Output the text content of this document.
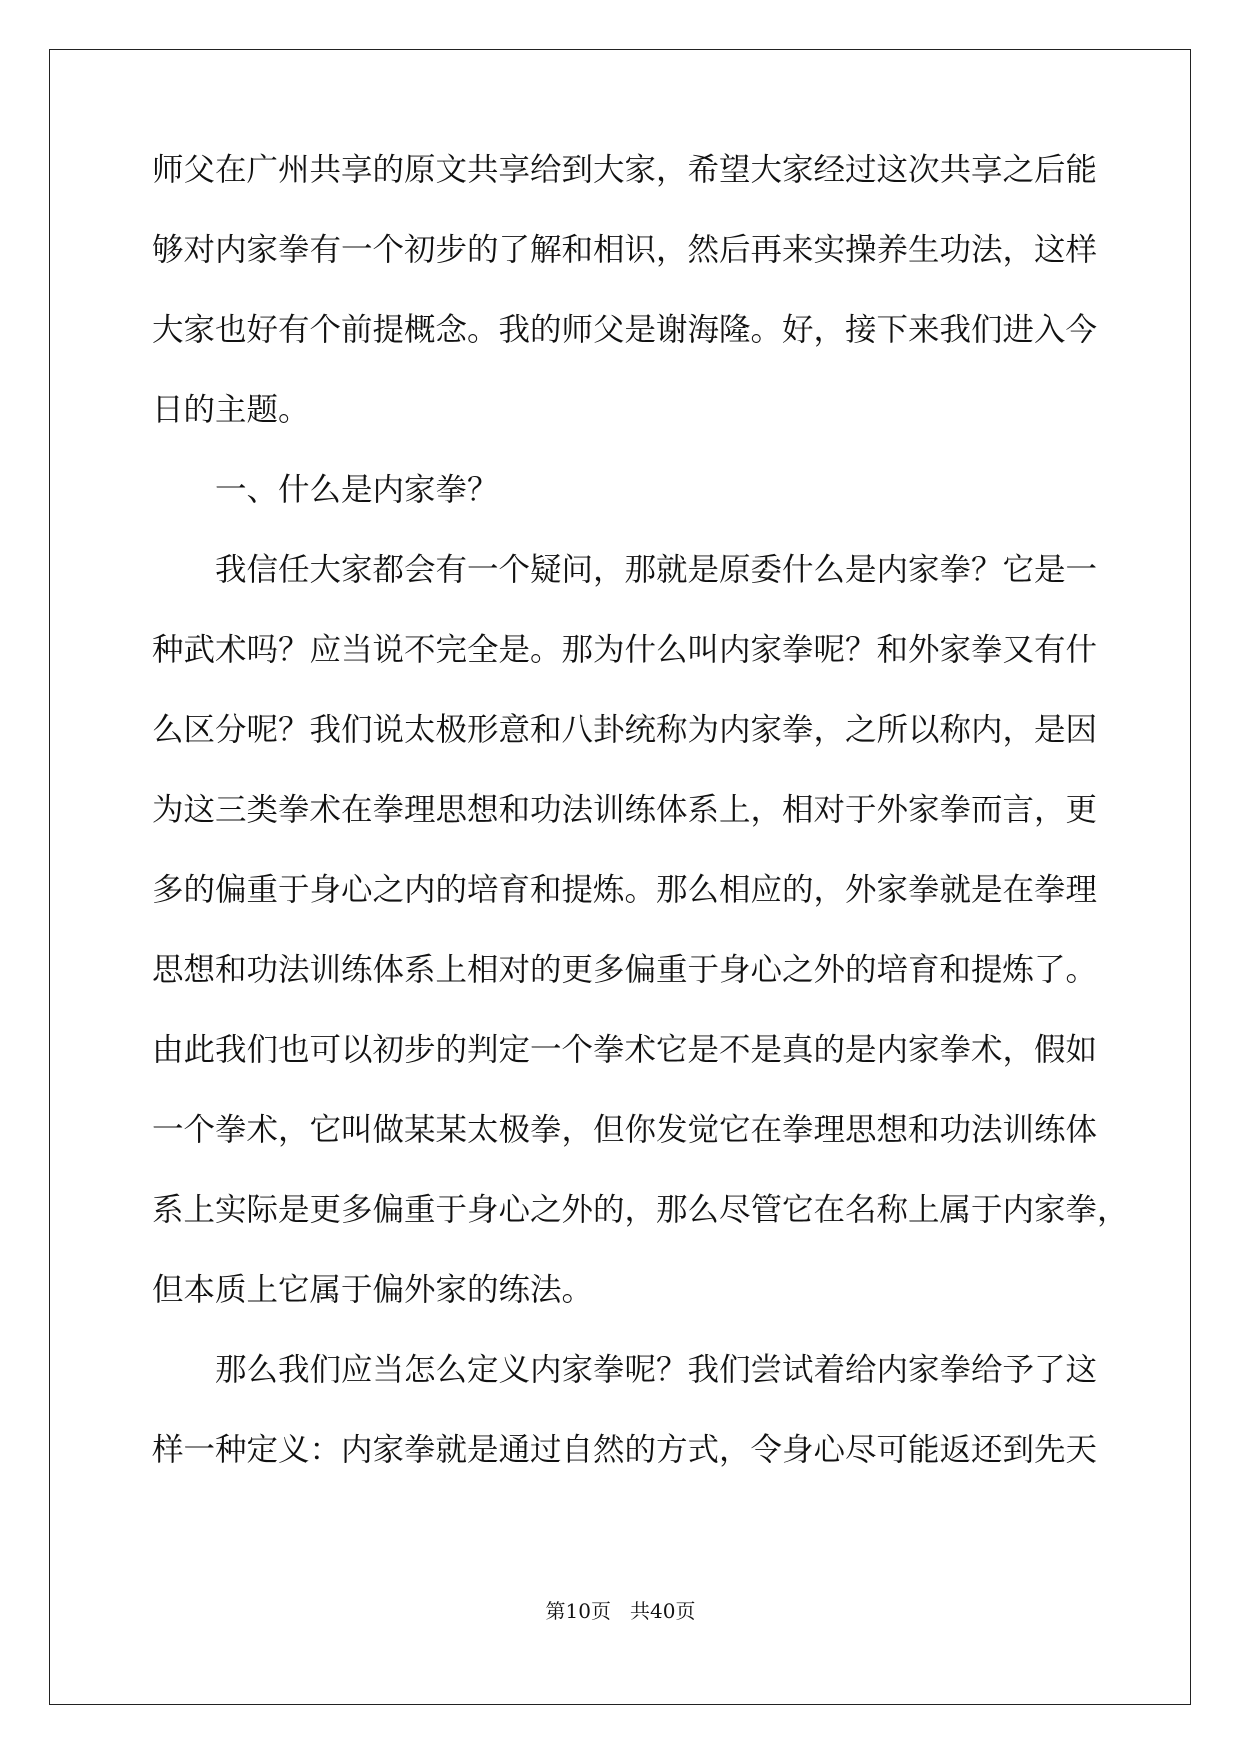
师父在广州共享的原文共享给到大家，希望大家经过这次共享之后能
够对内家拳有一个初步的了解和相识，然后再来实操养生功法，这样
大家也好有个前提概念。我的师父是谢海隆。好，接下来我们进入今
日的主题。
一、什么是内家拳？
我信任大家都会有一个疑问，那就是原委什么是内家拳？它是一
种武术吗？应当说不完全是。那为什么叫内家拳呢？和外家拳又有什
么区分呢？我们说太极形意和八卦统称为内家拳，之所以称内，是因
为这三类拳术在拳理思想和功法训练体系上，相对于外家拳而言，更
多的偏重于身心之内的培育和提炼。那么相应的，外家拳就是在拳理
思想和功法训练体系上相对的更多偏重于身心之外的培育和提炼了。
由此我们也可以初步的判定一个拳术它是不是真的是内家拳术，假如
一个拳术，它叫做某某太极拳，但你发觉它在拳理思想和功法训练体
系上实际是更多偏重于身心之外的，那么尽管它在名称上属于内家拳，
但本质上它属于偏外家的练法。
那么我们应当怎么定义内家拳呢？我们尝试着给内家拳给予了这
样一种定义：内家拳就是通过自然的方式，令身心尽可能返还到先天
第10页 共40页
